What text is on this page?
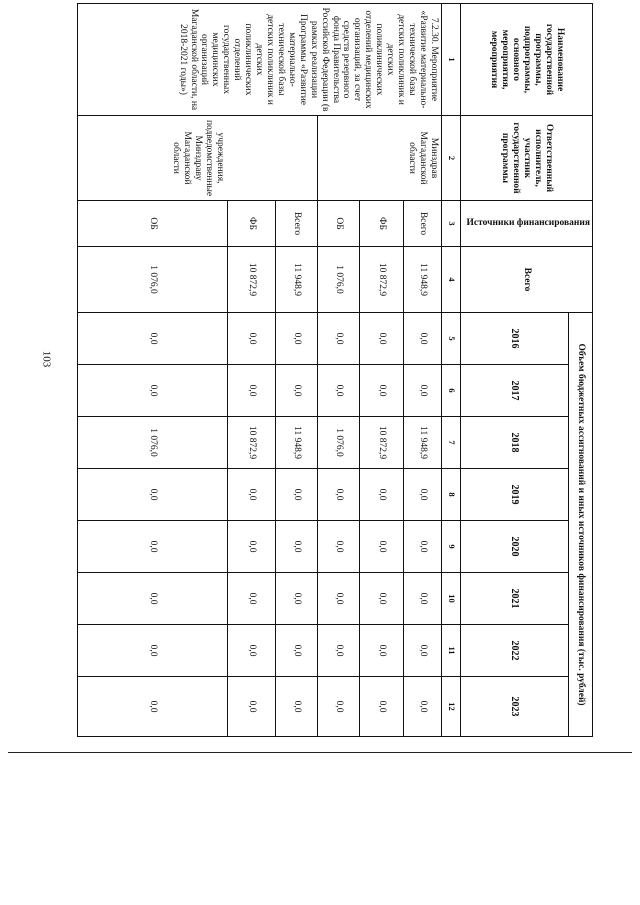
103
Наименование государственной программы, подпрограммы, основного мероприятия, мероприятия	Ответственный исполнитель, участник государственной программы	Источники финансирования	Всего	Объем бюджетных ассигнований и иных источников финансирования (тыс. рублей)							
				2016	2017	2018	2019	2020	2021	2022	2023
1	2	3	4	5	6	7	8	9	10	11	12
7.2.30. Мероприятие «Развитие материально-технической базы детских поликлиник и детских поликлинических отделений медицинских организаций, за счет средств резервного фонда Правительства Российской Федерации (в рамках реализации Программы «Развитие материально-технической базы детских поликлиник и детских поликлинических отделений государственных медицинских организаций Магаданской области, на 2018-2021 годы»)	Минздрав Магаданской области	Всего	11 948,9	0,0	0,0	11 948,9	0,0	0,0	0,0	0,0	0,0
		ФБ	10 872,9	0,0	0,0	10 872,9	0,0	0,0	0,0	0,0	0,0
		ОБ	1 076,0	0,0	0,0	1 076,0	0,0	0,0	0,0	0,0	0,0
	учреждения, подведомственные Минздраву Магаданской области	Всего	11 948,9	0,0	0,0	11 948,9	0,0	0,0	0,0	0,0	0,0
		ФБ	10 872,9	0,0	0,0	10 872,9	0,0	0,0	0,0	0,0	0,0
		ОБ	1 076,0	0,0	0,0	1 076,0	0,0	0,0	0,0	0,0	0,0
